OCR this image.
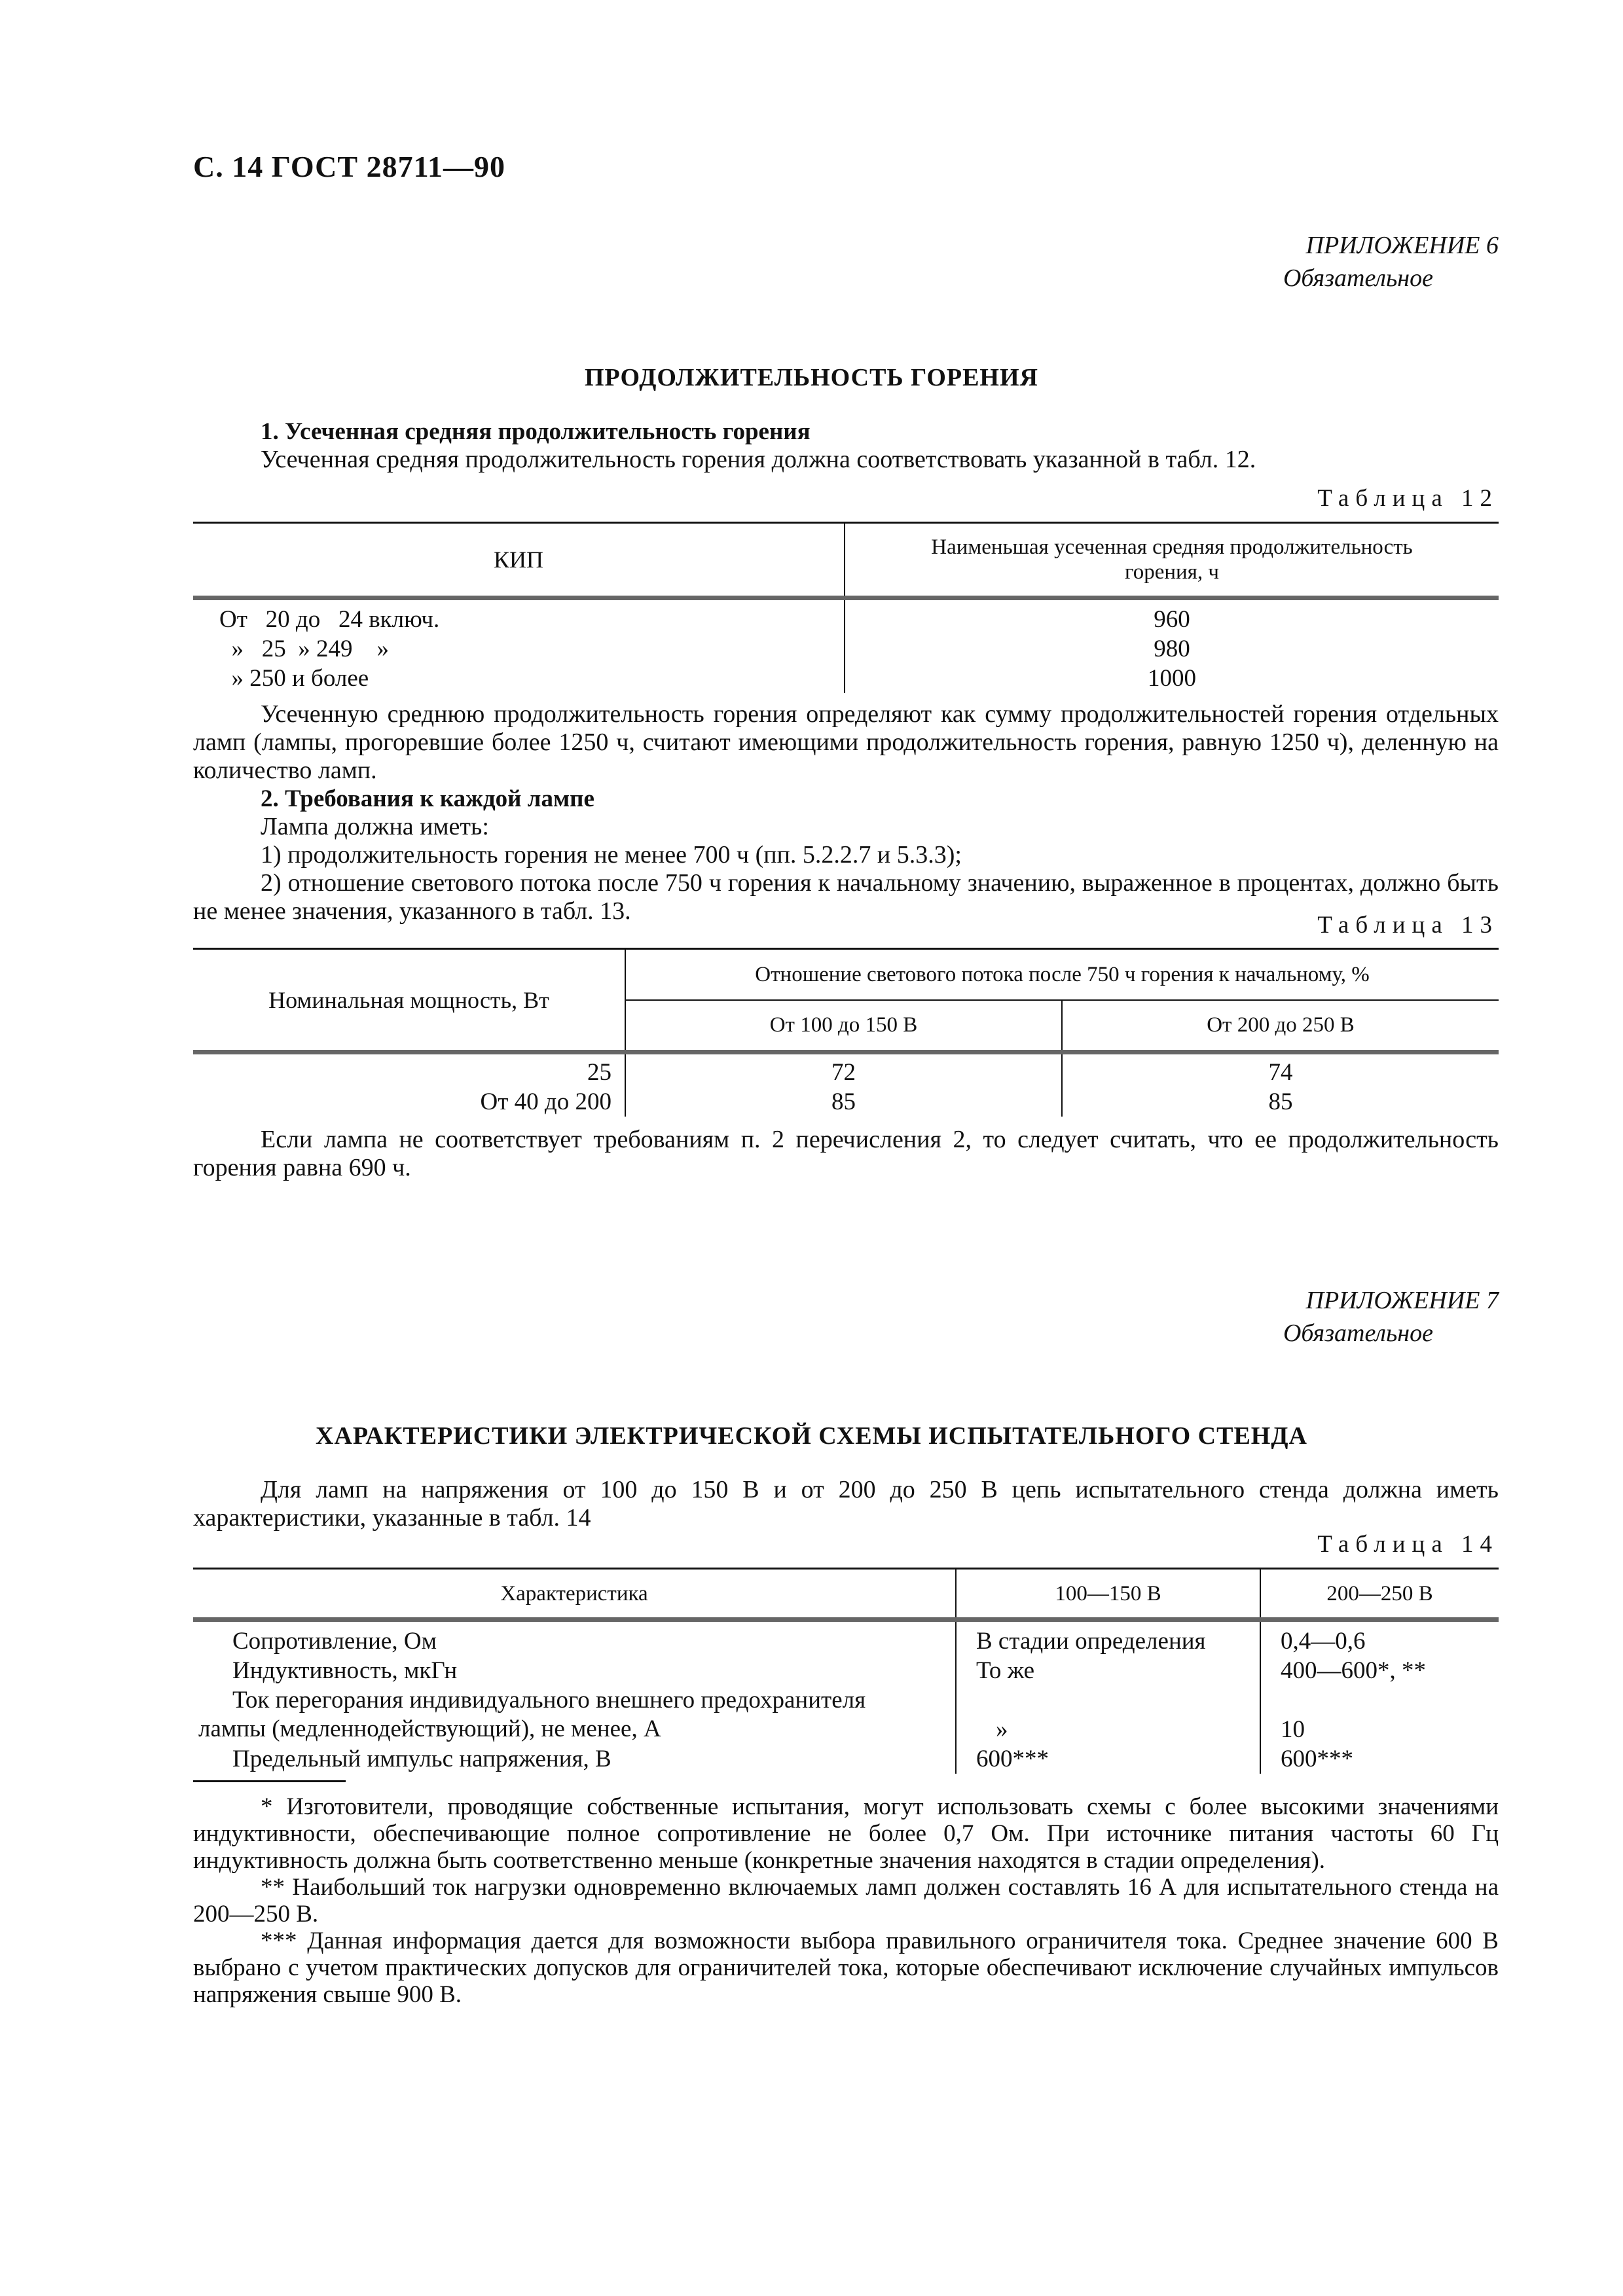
С. 14 ГОСТ 28711—90
ПРИЛОЖЕНИЕ 6
Обязательное
ПРОДОЛЖИТЕЛЬНОСТЬ ГОРЕНИЯ

1. Усеченная средняя продолжительность горения

Усеченная средняя продолжительность горения должна соответствовать указанной в табл. 12.

Таблица 12
КИП	Наименьшая усеченная средняя продолжительность горения, ч
От   20 до   24 включ.	960
»   25  » 249    »	980
» 250 и более	1000

Усеченную среднюю продолжительность горения определяют как сумму продолжительностей горения отдельных ламп (лампы, прогоревшие более 1250 ч, считают имеющими продолжительность горения, равную 1250 ч), деленную на количество ламп.

2. Требования к каждой лампе

Лампа должна иметь:

1) продолжительность горения не менее 700 ч (пп. 5.2.2.7 и 5.3.3);

2) отношение светового потока после 750 ч горения к начальному значению, выраженное в процентах, должно быть не менее значения, указанного в табл. 13.

Таблица 13
Номинальная мощность, Вт	Отношение светового потока после 750 ч горения к начальному, %	
	От 100 до 150 В	От 200 до 250 В
25	72	74
От 40 до 200	85	85

Если лампа не соответствует требованиям п. 2 перечисления 2, то следует считать, что ее продолжительность горения равна 690 ч.

ПРИЛОЖЕНИЕ 7
Обязательное
ХАРАКТЕРИСТИКИ ЭЛЕКТРИЧЕСКОЙ СХЕМЫ ИСПЫТАТЕЛЬНОГО СТЕНДА

Для ламп на напряжения от 100 до 150 В и от 200 до 250 В цепь испытательного стенда должна иметь характеристики, указанные в табл. 14

Таблица 14
Характеристика	100—150 В	200—250 В
Сопротивление, Ом	В стадии определения	0,4—0,6
Индуктивность, мкГн	То же	400—600*, **

Ток перегорания индивидуального внешнего предохранителя
лампы (медленнодействующий), не менее, А	»	10
Предельный импульс напряжения, В	600***	600***

* Изготовители, проводящие собственные испытания, могут использовать схемы с более высокими значениями индуктивности, обеспечивающие полное сопротивление не более 0,7 Ом. При источнике питания частоты 60 Гц индуктивность должна быть соответственно меньше (конкретные значения находятся в стадии определения).

** Наибольший ток нагрузки одновременно включаемых ламп должен составлять 16 А для испытательного стенда на 200—250 В.

*** Данная информация дается для возможности выбора правильного ограничителя тока. Среднее значение 600 В выбрано с учетом практических допусков для ограничителей тока, которые обеспечивают исключение случайных импульсов напряжения свыше 900 В.
